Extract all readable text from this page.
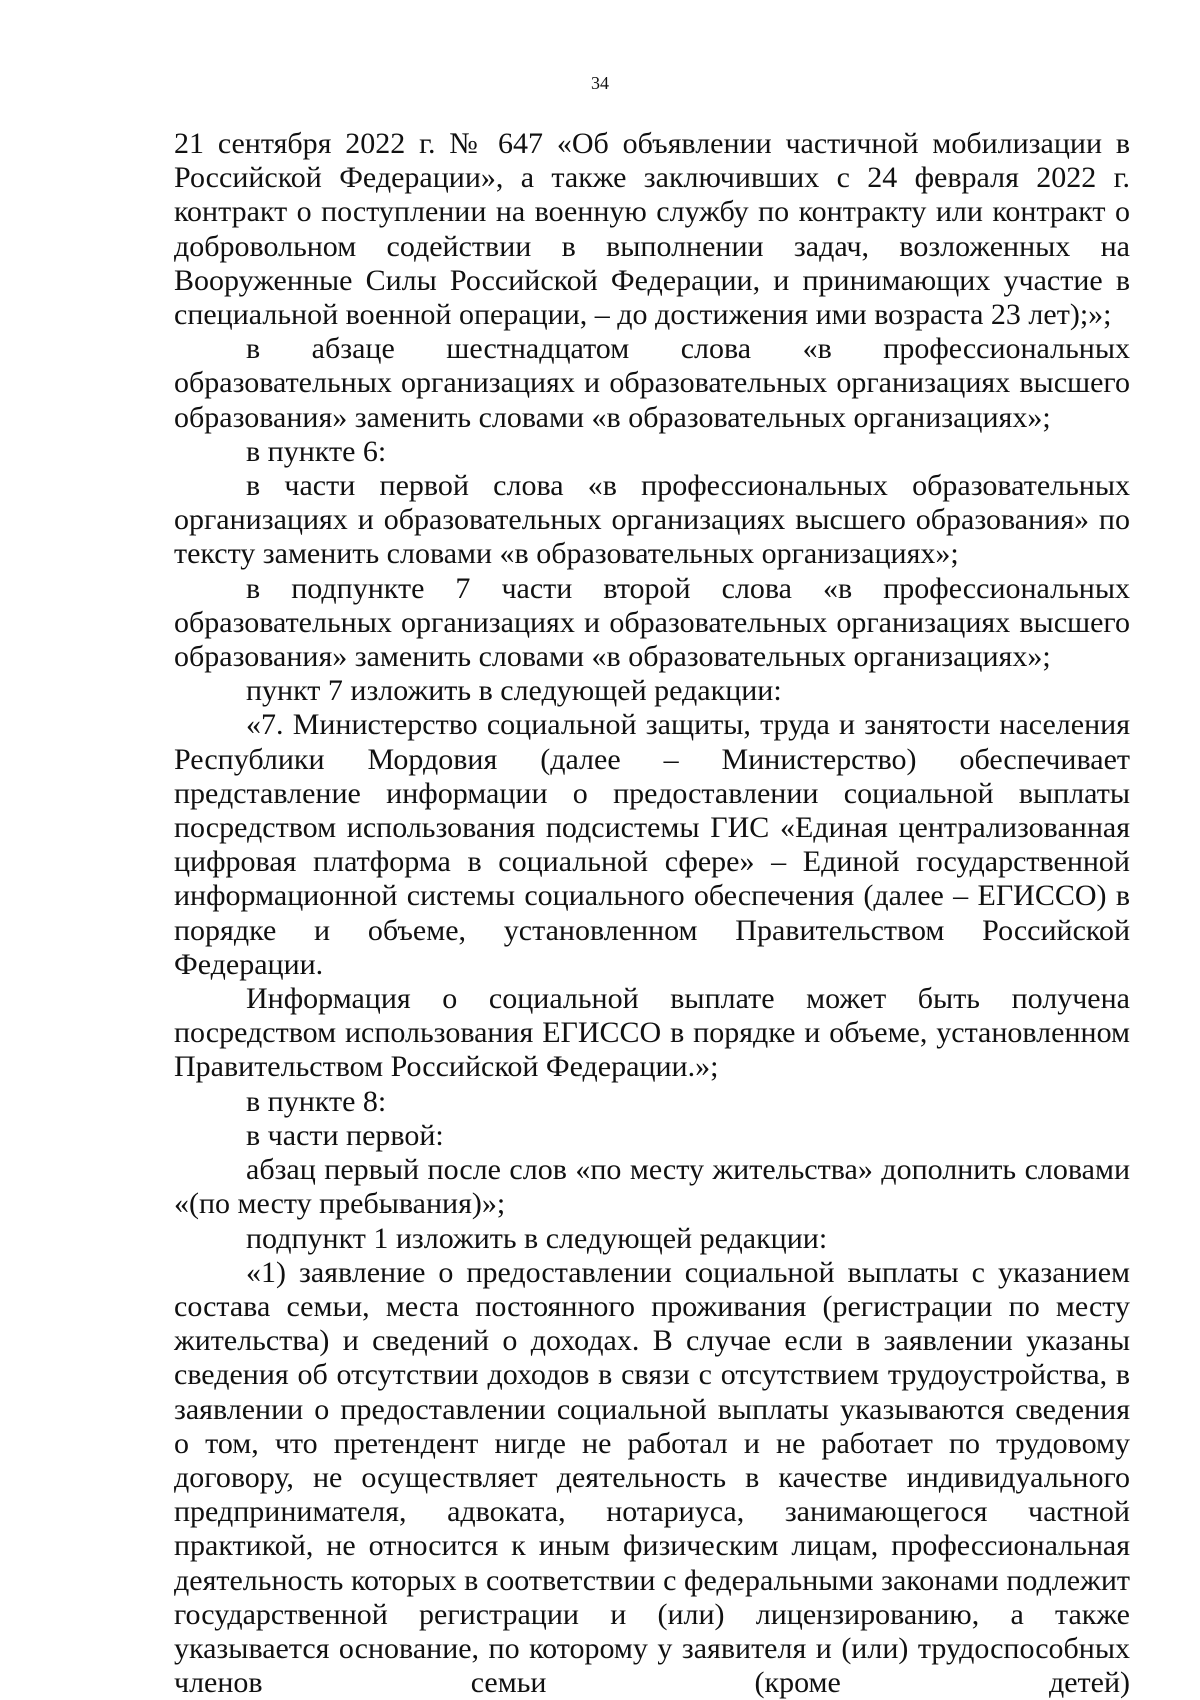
34

21 сентября 2022 г. № 647 «Об объявлении частичной мобилизации в Российской Федерации», а также заключивших с 24 февраля 2022 г. контракт о поступлении на военную службу по контракту или контракт о добровольном содействии в выполнении задач, возложенных на Вооруженные Силы Российской Федерации, и принимающих участие в специальной военной операции, – до достижения ими возраста 23 лет);»;

в абзаце шестнадцатом слова «в профессиональных образовательных организациях и образовательных организациях высшего образования» заменить словами «в образовательных организациях»;

в пункте 6:

в части первой слова «в профессиональных образовательных организациях и образовательных организациях высшего образования» по тексту заменить словами «в образовательных организациях»;

в подпункте 7 части второй слова «в профессиональных образовательных организациях и образовательных организациях высшего образования» заменить словами «в образовательных организациях»;

пункт 7 изложить в следующей редакции:

«7. Министерство социальной защиты, труда и занятости населения Республики Мордовия (далее – Министерство) обеспечивает представление информации о предоставлении социальной выплаты посредством использования подсистемы ГИС «Единая централизованная цифровая платформа в социальной сфере» – Единой государственной информационной системы социального обеспечения (далее – ЕГИССО) в порядке и объеме, установленном Правительством Российской Федерации.

Информация о социальной выплате может быть получена посредством использования ЕГИССО в порядке и объеме, установленном Правительством Российской Федерации.»;

в пункте 8:

в части первой:

абзац первый после слов «по месту жительства» дополнить словами «(по месту пребывания)»;

подпункт 1 изложить в следующей редакции:

«1) заявление о предоставлении социальной выплаты с указанием состава семьи, места постоянного проживания (регистрации по месту жительства) и сведений о доходах. В случае если в заявлении указаны сведения об отсутствии доходов в связи с отсутствием трудоустройства, в заявлении о предоставлении социальной выплаты указываются сведения о том, что претендент нигде не работал и не работает по трудовому договору, не осуществляет деятельность в качестве индивидуального предпринимателя, адвоката, нотариуса, занимающегося частной практикой, не относится к иным физическим лицам, профессиональная деятельность которых в соответствии с федеральными законами подлежит государственной регистрации и (или) лицензированию, а также указывается основание, по которому у заявителя и (или) трудоспособных членов семьи (кроме детей)
